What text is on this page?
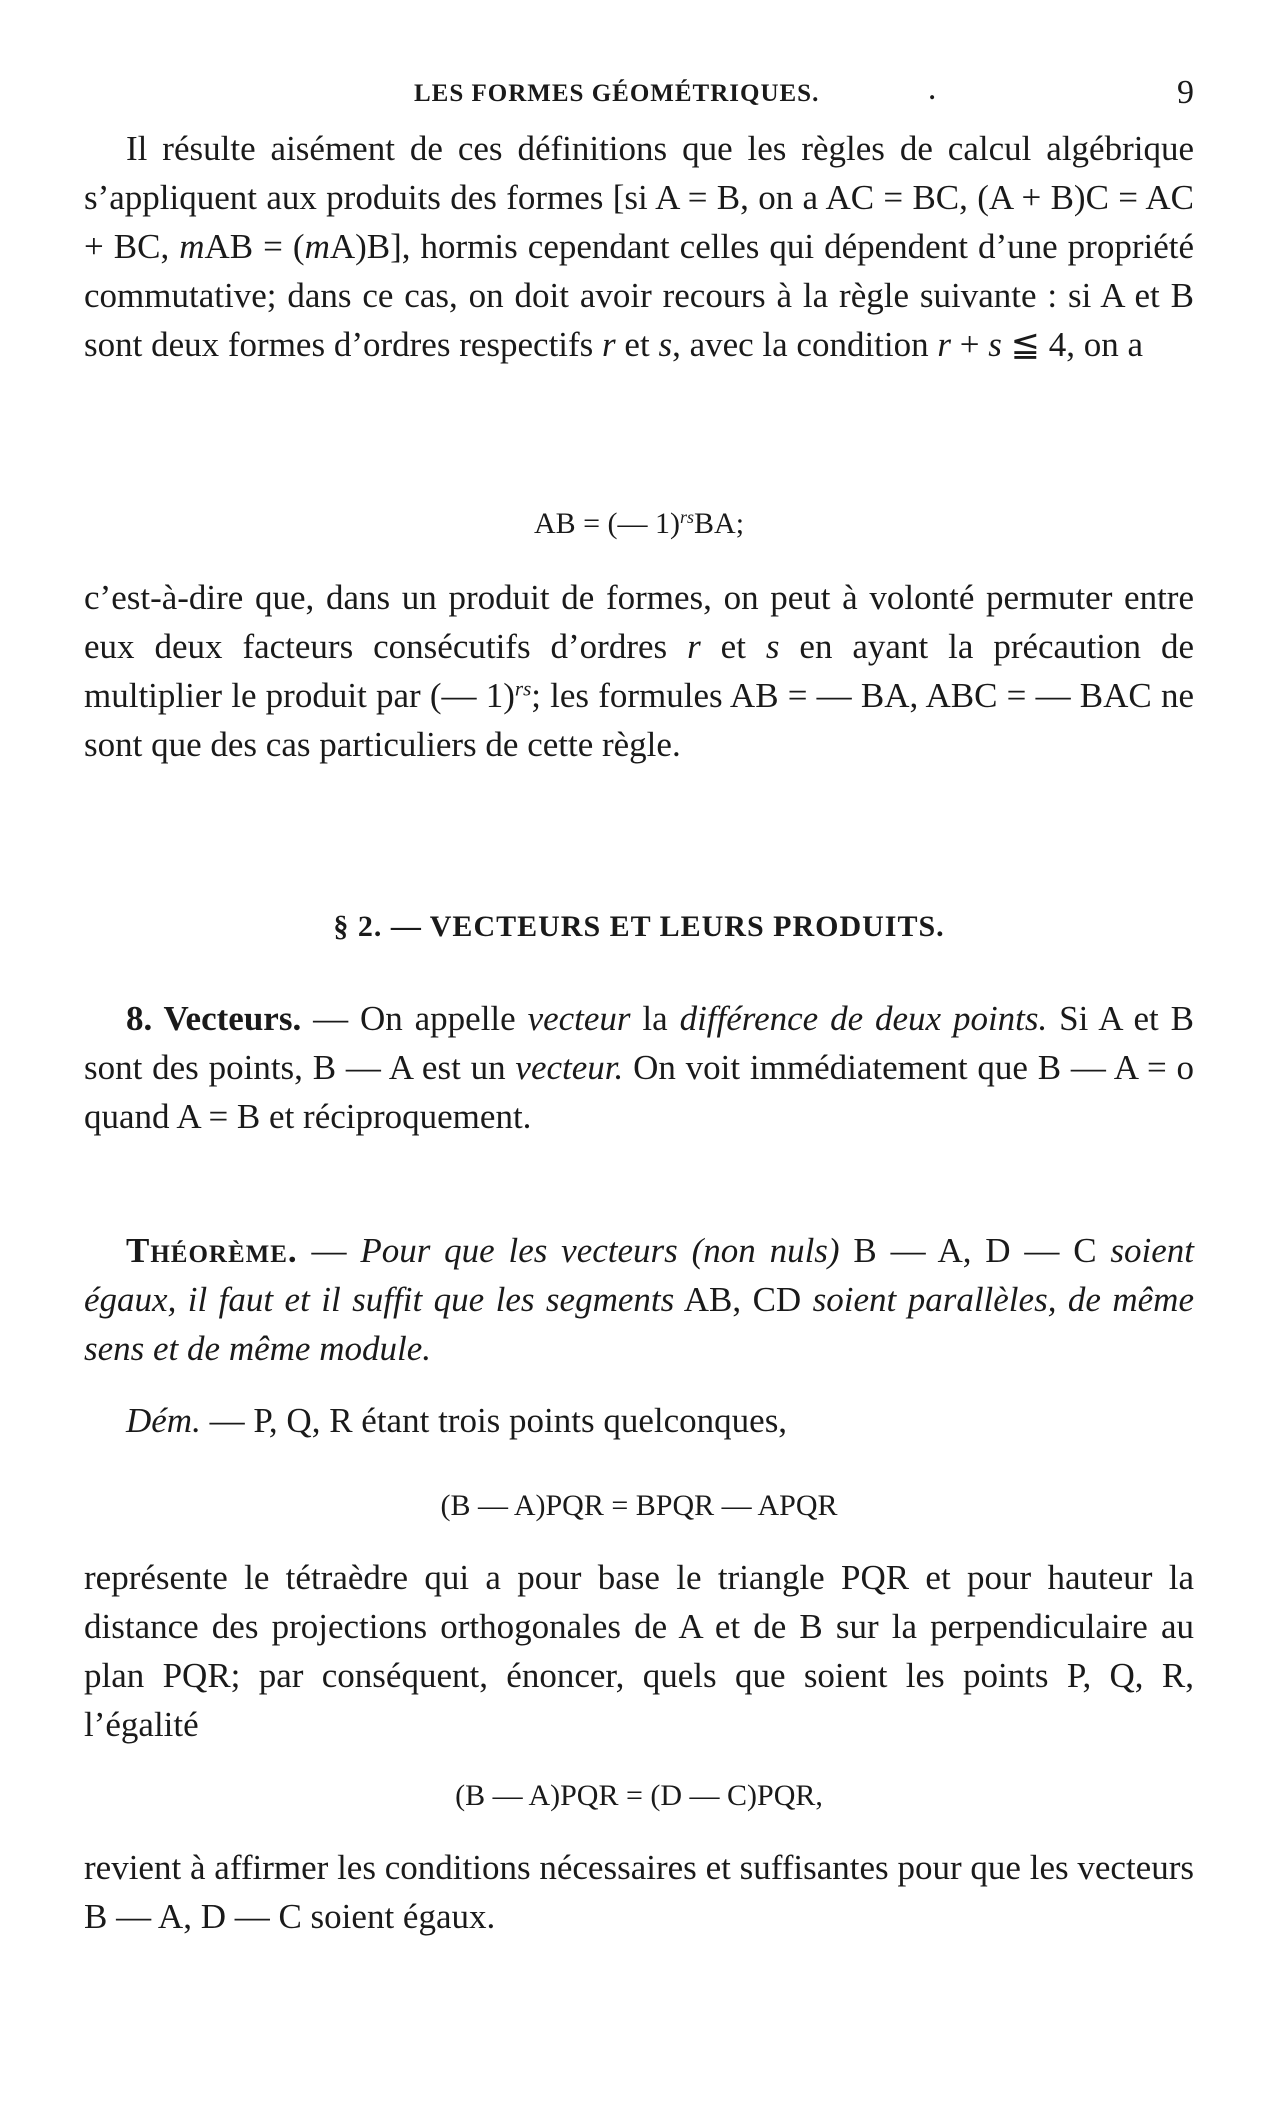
LES FORMES GÉOMÉTRIQUES.	.	9

Il résulte aisément de ces définitions que les règles de calcul algébrique s’appliquent aux produits des formes [si A = B, on a AC = BC, (A + B)C = AC + BC, mAB = (mA)B], hormis cependant celles qui dépendent d’une propriété commutative; dans ce cas, on doit avoir recours à la règle suivante : si A et B sont deux formes d’ordres respectifs r et s, avec la condition r + s ≦ 4, on a

AB = (— 1)$^{rs}$BA;

c’est-à-dire que, dans un produit de formes, on peut à volonté permuter entre eux deux facteurs consécutifs d’ordres r et s en ayant la précaution de multiplier le produit par (— 1)$^{rs}$; les formules AB = — BA, ABC = — BAC ne sont que des cas particuliers de cette règle.

§ 2. — VECTEURS ET LEURS PRODUITS.

8. Vecteurs. — On appelle vecteur la différence de deux points. Si A et B sont des points, B — A est un vecteur. On voit immédiatement que B — A = o quand A = B et réciproquement.

Théorème. — Pour que les vecteurs (non nuls) B — A, D — C soient égaux, il faut et il suffit que les segments AB, CD soient parallèles, de même sens et de même module.

Dém. — P, Q, R étant trois points quelconques,

(B — A)PQR = BPQR — APQR

représente le tétraèdre qui a pour base le triangle PQR et pour hauteur la distance des projections orthogonales de A et de B sur la perpendiculaire au plan PQR; par conséquent, énoncer, quels que soient les points P, Q, R, l’égalité

(B — A)PQR = (D — C)PQR,

revient à affirmer les conditions nécessaires et suffisantes pour que les vecteurs B — A, D — C soient égaux.
